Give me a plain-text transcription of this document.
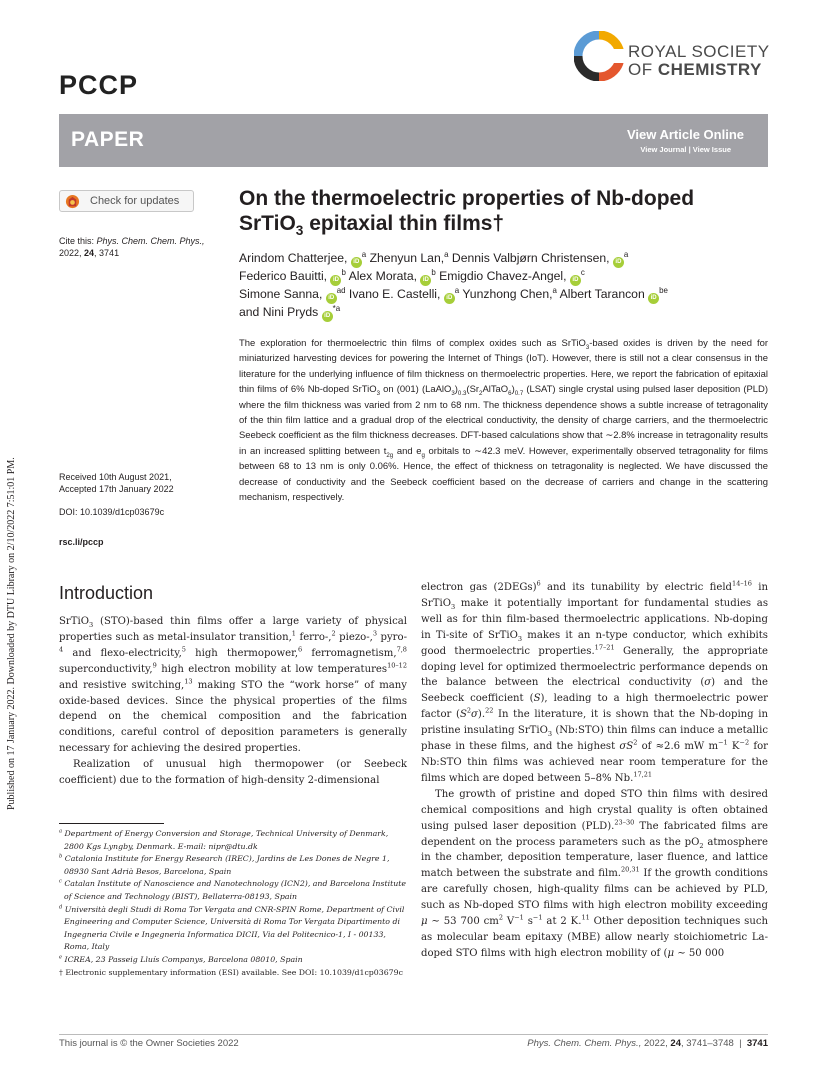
Published on 17 January 2022. Downloaded by DTU Library on 2/10/2022 7:51:01 PM.
PCCP
ROYAL SOCIETY
OF CHEMISTRY
PAPER	View Article Online
View Journal | View Issue
Check for updates
Cite this: Phys. Chem. Chem. Phys.,
2022, 24, 3741
Received 10th August 2021,
Accepted 17th January 2022
DOI: 10.1039/d1cp03679c
rsc.li/pccp
On the thermoelectric properties of Nb-doped
SrTiO$_3$ epitaxial thin films†
Arindom Chatterjee, $iD^a$ Zhenyun Lan,$^a$ Dennis Valbjørn Christensen, $iD^a$
Federico Bauitti, $iD^b$ Alex Morata, $iD^b$ Emigdio Chavez-Angel, $iD^c$
Simone Sanna, $iD^{ad}$ Ivano E. Castelli, $iD^a$ Yunzhong Chen,$^a$ Albert Tarancon $iD^{be}$
and Nini Pryds $iD^{*a}$
The exploration for thermoelectric thin films of complex oxides such as SrTiO$_3$-based oxides is driven by the need for miniaturized harvesting devices for powering the Internet of Things (IoT). However, there is still not a clear consensus in the literature for the underlying influence of film thickness on thermoelectric properties. Here, we report the fabrication of epitaxial thin films of 6% Nb-doped SrTiO$_3$ on (001) $(LaAlO_3)_{0.3}(Sr_2AlTaO_6)_{0.7}$ (LSAT) single crystal using pulsed laser deposition (PLD) where the film thickness was varied from 2 nm to 68 nm. The thickness dependence shows a subtle increase of tetragonality of the thin film lattice and a gradual drop of the electrical conductivity, the density of charge carriers, and the thermoelectric Seebeck coefficient as the film thickness decreases. DFT-based calculations show that ∼2.8% increase in tetragonality results in an increased splitting between $t_{2g}$ and $e_g$ orbitals to ∼42.3 meV. However, experimentally observed tetragonality for films between 68 to 13 nm is only 0.06%. Hence, the effect of thickness on tetragonality is neglected. We have discussed the decrease of conductivity and the Seebeck coefficient based on the decrease of carriers and change in the scattering mechanism, respectively.
Introduction

SrTiO$_3$ (STO)-based thin films offer a large variety of physical properties such as metal-insulator transition,$^1$ ferro-,$^2$ piezo-,$^3$ pyro-$^4$ and flexo-electricity,$^5$ high thermopower,$^6$ ferromagnetism,$^{7,8}$ superconductivity,$^9$ high electron mobility at low temperatures$^{10-12}$ and resistive switching,$^{13}$ making STO the “work horse” of many oxide-based devices. Since the physical properties of the films depend on the chemical composition and the fabrication conditions, careful control of deposition parameters is generally necessary for achieving the desired properties.

Realization of unusual high thermopower (or Seebeck coefficient) due to the formation of high-density 2-dimensional

electron gas (2DEGs)$^6$ and its tunability by electric field$^{14-16}$ in SrTiO$_3$ make it potentially important for fundamental studies as well as for thin film-based thermoelectric applications. Nb-doping in Ti-site of SrTiO$_3$ makes it an n-type conductor, which exhibits good thermoelectric properties.$^{17-21}$ Generally, the appropriate doping level for optimized thermoelectric performance depends on the balance between the electrical conductivity (σ) and the Seebeck coefficient (S), leading to a high thermoelectric power factor $(S^2\sigma).^{22}$ In the literature, it is shown that the Nb-doping in pristine insulating SrTiO$_3$ (Nb:STO) thin films can induce a metallic phase in these films, and the highest $\sigma S^2$ of ≈2.6 mW $m^{-1}$ $K^{-2}$ for Nb:STO thin films was achieved near room temperature for the films which are doped between 5–8% Nb.$^{17,21}$

The growth of pristine and doped STO thin films with desired chemical compositions and high crystal quality is often obtained using pulsed laser deposition (PLD).$^{23-30}$ The fabricated films are dependent on the process parameters such as the $pO_2$ atmosphere in the chamber, deposition temperature, laser fluence, and lattice match between the substrate and film.$^{20,31}$ If the growth conditions are carefully chosen, high-quality films can be achieved by PLD, such as Nb-doped STO films with high electron mobility exceeding μ ∼ 53 700 $cm^2$ $V^{-1}$ $s^{-1}$ at 2 K.$^{11}$ Other deposition techniques such as molecular beam epitaxy (MBE) allow nearly stoichiometric La-doped STO films with high electron mobility of (μ ∼ 50 000

$^a$ Department of Energy Conversion and Storage, Technical University of Denmark, 2800 Kgs Lyngby, Denmark. E-mail: nipr@dtu.dk
$^b$ Catalonia Institute for Energy Research (IREC), Jardins de Les Dones de Negre 1, 08930 Sant Adrià Besos, Barcelona, Spain
$^c$ Catalan Institute of Nanoscience and Nanotechnology (ICN2), and Barcelona Institute of Science and Technology (BIST), Bellaterra-08193, Spain
$^d$ Università degli Studi di Roma Tor Vergata and CNR-SPIN Rome, Department of Civil Engineering and Computer Science, Università di Roma Tor Vergata Dipartimento di Ingegneria Civile e Ingegneria Informatica DICII, Via del Politecnico-1, I - 00133, Roma, Italy
$^e$ ICREA, 23 Passeig Lluís Companys, Barcelona 08010, Spain
† Electronic supplementary information (ESI) available. See DOI: 10.1039/d1cp03679c
This journal is © the Owner Societies 2022	Phys. Chem. Chem. Phys., 2022, 24, 3741–3748  |  3741
